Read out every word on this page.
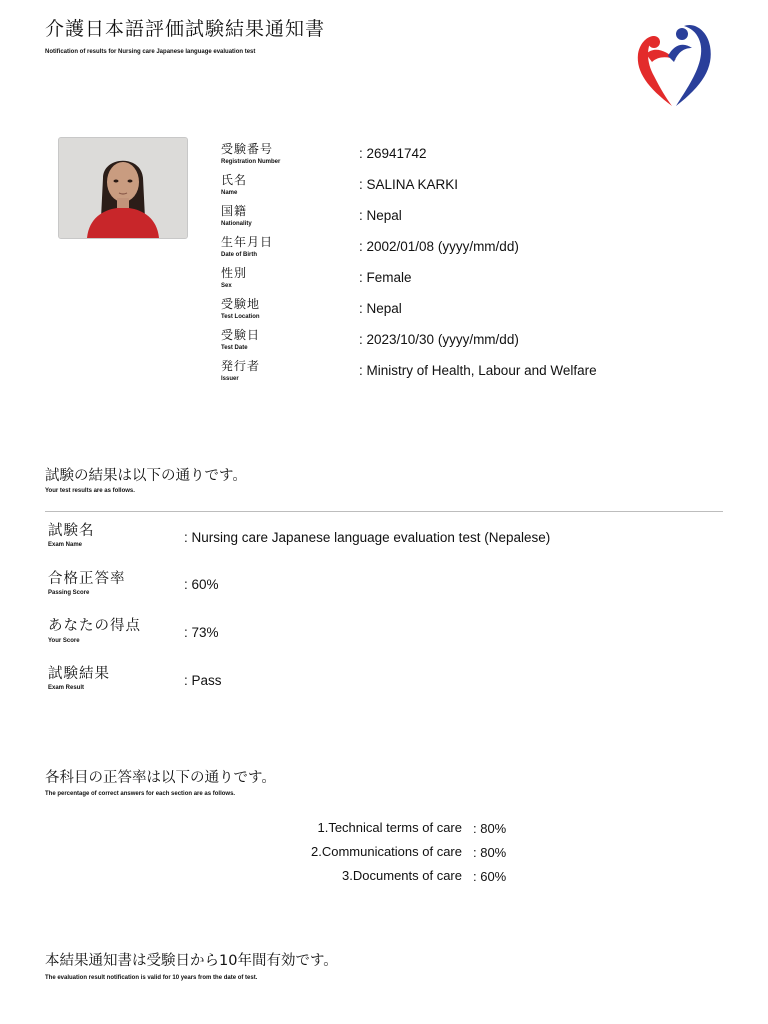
介護日本語評価試験結果通知書
Notification of results for Nursing care Japanese language evaluation test
受験番号
Registration Number
: 26941742
氏名
Name
: SALINA KARKI
国籍
Nationality
: Nepal
生年月日
Date of Birth
: 2002/01/08 (yyyy/mm/dd)
性別
Sex
: Female
受験地
Test Location
: Nepal
受験日
Test Date
: 2023/10/30 (yyyy/mm/dd)
発行者
Issuer
: Ministry of Health, Labour and Welfare
試験の結果は以下の通りです。
Your test results are as follows.
試験名
Exam Name	: Nursing care Japanese language evaluation test (Nepalese)
合格正答率
Passing Score
: 60%
あなたの得点
Your Score
: 73%
試験結果
Exam Result	: Pass
各科目の正答率は以下の通りです。
The percentage of correct answers for each section are as follows.
1.Technical terms of care : 80%
2.Communications of care : 80%
3.Documents of care : 60%
本結果通知書は受験日から10年間有効です。
The evaluation result notification is valid for 10 years from the date of test.
